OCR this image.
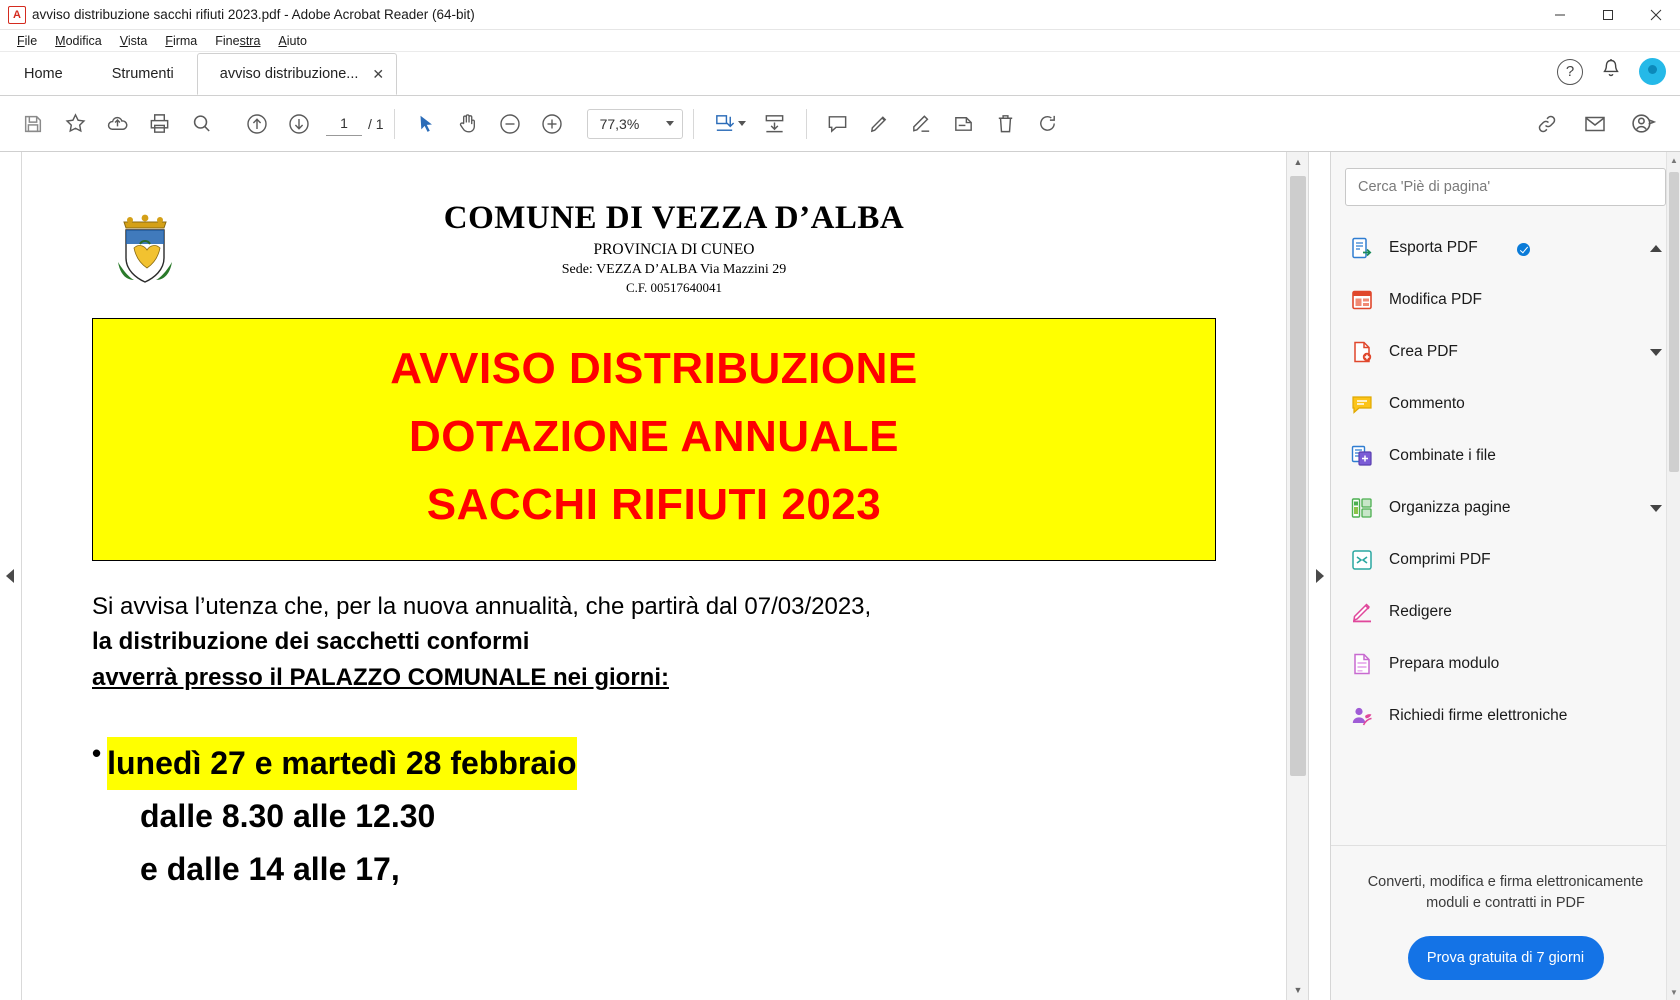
A avviso distribuzione sacchi rifiuti 2023.pdf - Adobe Acrobat Reader (64-bit)
File	Modifica	Vista	Firma	Finestra	Aiuto
Home	Strumenti	avviso distribuzione... ✕	?
1
/ 1	77,3%
COMUNE DI VEZZA D’ALBA
PROVINCIA DI CUNEO
Sede: VEZZA D’ALBA Via Mazzini 29
C.F. 00517640041
AVVISO DISTRIBUZIONE
DOTAZIONE ANNUALE
SACCHI RIFIUTI 2023
Si avvisa l’utenza che, per la nuova annualità, che partirà dal 07/03/2023,
la distribuzione dei sacchetti conformi
avverrà presso il PALAZZO COMUNALE nei giorni:
• lunedì 27 e martedì 28 febbraio
dalle 8.30 alle 12.30
e dalle 14 alle 17,
▲
▼
Cerca 'Piè di pagina'
Esporta PDF
Modifica PDF
Crea PDF
Commento
Combinate i file
Organizza pagine
Comprimi PDF
Redigere
Prepara modulo
Richiedi firme elettroniche
Converti, modifica e firma elettronicamente
moduli e contratti in PDF
Prova gratuita di 7 giorni
▲
▼
